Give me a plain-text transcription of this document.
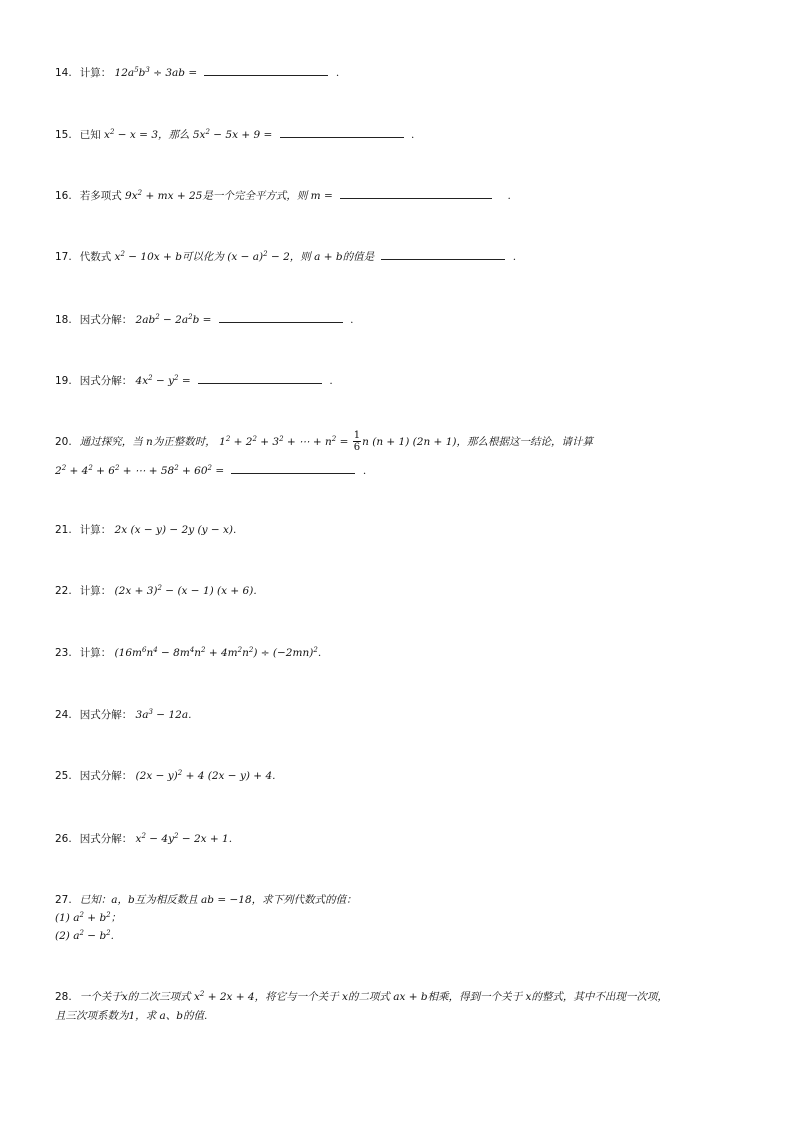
14. 计算： $12a^5b^3 \div 3ab$ =	.
15. 已知 $x^2 - x = 3$，那么 $5x^2 - 5x + 9$ =	.
16. 若多项式 $9x^2$ + mx + 25是一个完全平方式，则 m =	.
17. 代数式 $x^2 - 10x + b$可以化为 $(x - a)^2 - 2$，则 a + b的值是	.
18. 因式分解： $2ab^2 - 2a^2b$ =	.
19. 因式分解： $4x^2 - y^2$ =	.
20. 通过探究，当 n为正整数时， $1^2 + 2^2 + 3^2$ + ⋯ + $n^2 = \frac{1}{6}$ n (n + 1) (2n + 1)，那么根据这一结论，请计算
$2^2 + 4^2 + 6^2$ + ⋯ + $58^2 + 60^2$ =	.
21. 计算： 2x (x − y) − 2y (y − x).
22. 计算： $(2x + 3)^2 - (x - 1)$ (x + 6).
23. 计算： $(16m^6n^4 - 8m^4n^2 + 4m^2n^2) \div (-2mn)^2$.
24. 因式分解： $3a^3 - 12a$.
25. 因式分解： $(2x - y)^2 + 4$ (2x − y) + 4.
26. 因式分解： $x^2 - 4y^2 - 2x + 1$.
27. 已知：a，b互为相反数且 ab = −18，求下列代数式的值：
(1) $a^2 + b^2$；
(2) $a^2 - b^2$.
28. 一个关于x的二次三项式 $x^2 + 2x + 4$，将它与一个关于 x的二项式 ax + b相乘，得到一个关于 x的整式，其中不出现一次项，
且三次项系数为1，求 a、b的值.
